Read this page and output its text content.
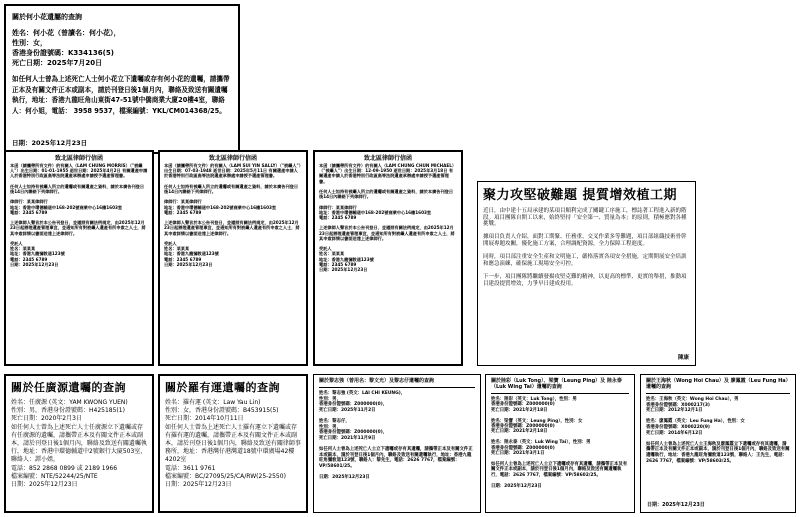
關於何小花遺屬的查詢
姓名：何小花（曾讀名：何小花），
性別：女，
香港身份證號碼：K334136(5)
死亡日期：2025年7月20日
如任何人士曾為上述死亡人士何小花立下遺囑或存有何小花的遺囑，請攜帶正本及有關文件正本或副本，請於刊登日後1個月內，聯絡及致送有關遺囑執行，地址：香港九龍旺角山東街47-51號中僑商業大廈20樓4室，聯絡人：何小姐，電話： 3958 9537，檔案編號：YKL/CM014368/25。
日期：2025年12月23日
致北區律師行信函
本函（請攜帶所有文件）的有關人（LAM CHUNG MORRIS）（"被繼人"）出生日期：01-01-1955 逝世日期：2025年4月2日 有關遺產申請人於香港特別行政區高等法院遺產承辦處申請授予遺產管理書。

任何人士如持有被繼人所立的遺囑或有關遺產之資料，請於本廣告刊登日後14日內聯絡下列律師行。

律師行：某某律師行
地址：香港中環德輔道中168-202號商業中心16樓1603室
電話：2345 6789

上述律師人聲言於本公告刊登日，並遵照有關法例規定，由2025年12月23日起辦理遺產管理事宜，並通知所有對被繼人遺產有所申索之人士，將其申索詳情以書面送達上述律師行。

受託人
姓名：某某某
地址：香港九龍彌敦道123號
電話：2345 6789
日期：2025年12月23日
致北區律師行信函
本函（請攜帶所有文件）的有關人（LAM SUI YIN SALLY）（"被繼人"）出生日期：07-03-1948 逝世日期：2025年5月11日 有關遺產申請人於香港特別行政區高等法院遺產承辦處申請授予遺產管理書。

任何人士如持有被繼人所立的遺囑或有關遺產之資料，請於本廣告刊登日後14日內聯絡下列律師行。

律師行：某某律師行
地址：香港中環德輔道中168-202號商業中心16樓1603室
電話：2345 6789

上述律師人聲言於本公告刊登日，並遵照有關法例規定，由2025年12月23日起辦理遺產管理事宜，並通知所有對被繼人遺產有所申索之人士，將其申索詳情以書面送達上述律師行。

受託人
姓名：某某某
地址：香港九龍彌敦道123號
電話：2345 6789
日期：2025年12月23日
致北區律師行信函
本函（請攜帶所有文件）的有關人（LAM CHUNG CHUN MICHAEL）（"被繼人"）出生日期：12-09-1950 逝世日期：2025年3月18日 有關遺產申請人於香港特別行政區高等法院遺產承辦處申請授予遺產管理書。

任何人士如持有被繼人所立的遺囑或有關遺產之資料，請於本廣告刊登日後14日內聯絡下列律師行。

律師行：某某律師行
地址：香港中環德輔道中168-202號商業中心16樓1603室
電話：2345 6789

上述律師人聲言於本公告刊登日，並遵照有關法例規定，由2025年12月23日起辦理遺產管理事宜，並通知所有對被繼人遺產有所申索之人士，將其申索詳情以書面送達上述律師行。

受託人
姓名：某某某
地址：香港九龍彌敦道123號
電話：2345 6789
日期：2025年12月23日
聚力攻堅破難題 提質增效植工期
近日，由中建十五局承建的某項目順利完成了關鍵工序施工，標誌著工程進入新的階段。項目團隊自開工以來，始終堅持「安全第一、質量為本」的原則，積極應對各種挑戰。

據項目負責人介紹，面對工期緊、任務重、交叉作業多等難題，項目部組織技術骨幹開展專題攻關，優化施工方案，合理調配資源，全力保障工程進度。

同時，項目部注重安全生產和文明施工，嚴格落實各項安全措施，定期開展安全培訓和應急演練，確保施工現場安全可控。

下一步，項目團隊將繼續發揚攻堅克難的精神，以更高的標準、更實的舉措，推動項目建設提質增效，力爭早日建成投用。
陳康
關於任廣源遺囑的查詢
姓名：任廣源 (英文：YAM KWONG YUEN)
性別：男，香港身份證號碼：H425185(1)
死亡日期：2020年2月3日
如任何人士曾為上述死亡人士任廣源立下遺囑或存有任廣源的遺囑，請攜帶正本及有關文件正本或副本，請於刊登日後1個月內，聯絡及致送有關遺囑執行，地址：香港中環德輔道中2號銀行大廈503室，聯絡人：譚小姐，
電話：852 2868 0899 或 2189 1966
檔案編號：NTE/52244/25/NTE
日期：2025年12月23日
關於羅有運遺囑的查詢
姓名：羅有運 (英文：Law Yau Lin)
性別：女，香港身份證號碼：B453915(5)
死亡日期：2014年10月11日
如任何人士曾為上述死亡人士羅有運立下遺囑或存有羅有運的遺囑，請攜帶正本及有關文件正本或副本，請於刊登日後1個月內，聯絡及致送有關律師事務所，地址：香港灣仔港灣道18號中環廣場42樓4202室
電話：3611 9761
檔案編號：BC/27095/25/CA/RW(25-2550)
日期：2025年12月23日
關於黎志強（曾用名：黎文光）及黎志仔遺囑的查詢
姓名：黎志強 (英文：LAI CHI KEUNG)，
性別：男，
香港身份證號碼：Z000000(0)，
死亡日期：2025年11月2日

姓名：黎志仔，
性別：男，
香港身份證號碼：Z000000(0)，
死亡日期：2021年11月9日

如任何人士曾為上述死亡人士立下遺囑或存有其遺囑，請攜帶正本及有關文件正本或副本，請於刊登日後1個月內，聯絡及致送有關遺囑執行，地址：香港九龍旺角彌敦道123號，聯絡人：黎先生，電話：2626 7767，檔案編號：VP/58601/25。

日期：2025年12月23日
關於陸彩（Luk Tong）、梁寶（Leung Ping）及 陸永泰（Luk Wing Tai）遺囑的查詢
姓名：陸彩（英文：Luk Tong），性別：男
香港身份證號碼：Z000000(0)
死亡日期：2021年2月18日

姓名：梁寶（英文：Leung Ping），性別：女
香港身份證號碼：Z000000(0)
死亡日期：2021年2月18日

姓名：陸永泰（英文：Luk Wing Tai），性別：男
香港身份證號碼：Z000000(0)
死亡日期：2021年3月1日

如任何人士曾為上述死亡人士立下遺囑或存有其遺囑，請攜帶正本及有關文件正本或副本，請於刊登日後1個月內，聯絡及致送有關遺囑執行，電話：2626 7767，檔案編號：VP/58602/25。

日期：2025年12月23日
關於王海秋（Wong Hoi Chau）及 廖鳳霞（Leu Fung Ha）遺囑的查詢
姓名：王海秋（英文：Wong Hoi Chau），男
香港身份證號碼：X000217(3)
死亡日期：2012年12月1日

姓名：廖鳳霞（英文：Leu Fung Ha），性別：女
香港身份證號碼：X000220(9)
死亡日期：2014年6月12日

如任何人士曾為上述死亡人士王海秋及廖鳳霞立下遺囑或存有其遺囑，請攜帶正本及有關文件正本或副本，請於刊登日後1個月內，聯絡及致送有關遺囑執行，地址：香港九龍旺角彌敦道123號，聯絡人：王先生，電話：2626 7767，檔案編號：VP/58603/25。
日期：2025年12月23日
